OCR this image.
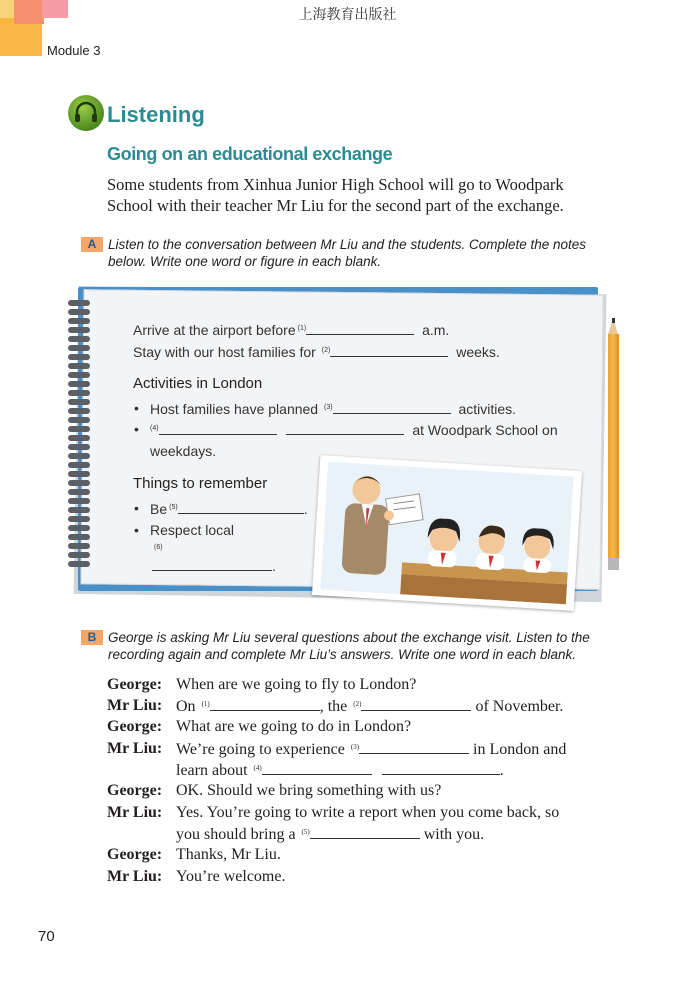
上海教育出版社
Module 3
Listening
Going on an educational exchange
Some students from Xinhua Junior High School will go to Woodpark
School with their teacher Mr Liu for the second part of the exchange.
A Listen to the conversation between Mr Liu and the students. Complete the notes
below. Write one word or figure in each blank.
Arrive at the airport before $^{(1)}$	a.m.
Stay with our host families for $^{(2)}$	weeks.
Activities in London
• Host families have planned $^{(3)}$	activities.
• $^{(4)}$	at Woodpark School on
weekdays.
Things to remember
• Be $^{(5)}$	.
• Respect local
$^{(6)}$
.
B George is asking Mr Liu several questions about the exchange visit. Listen to the
recording again and complete Mr Liu’s answers. Write one word in each blank.
George: When are we going to fly to London?
Mr Liu: On $^{(1)}$	, the $^{(2)}$	of November.
George: What are we going to do in London?
Mr Liu: We’re going to experience $^{(3)}$	in London and
learn about $^{(4)}$	.
George: OK. Should we bring something with us?
Mr Liu: Yes. You’re going to write a report when you come back, so
you should bring a $^{(5)}$	with you.
George: Thanks, Mr Liu.
Mr Liu: You’re welcome.
70
